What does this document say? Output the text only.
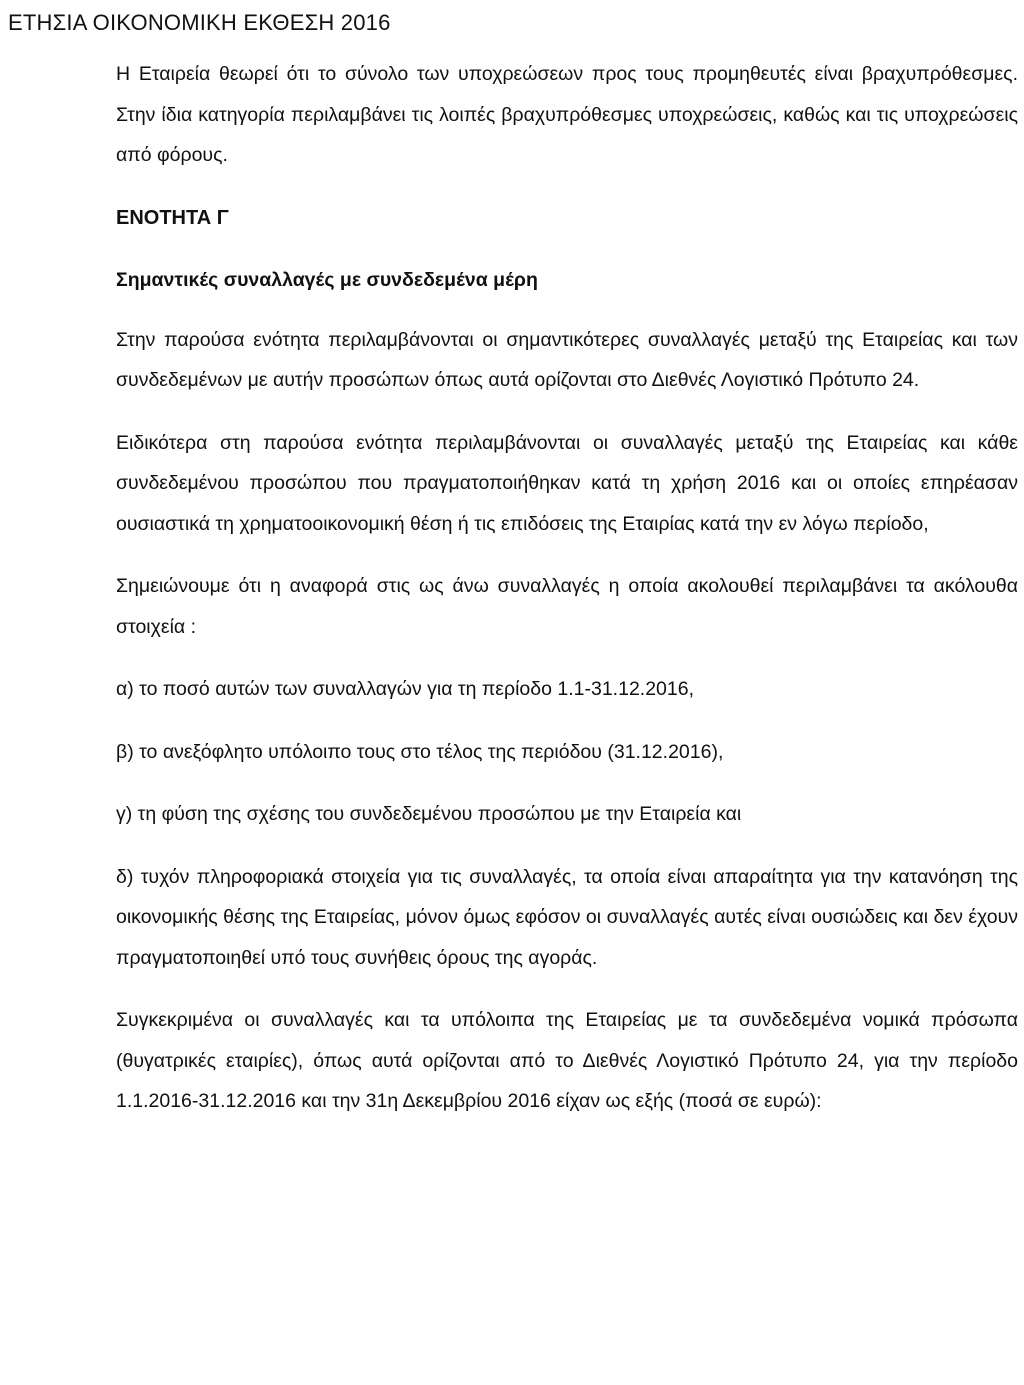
ΕΤΗΣΙΑ ΟΙΚΟΝΟΜΙΚΗ ΕΚΘΕΣΗ 2016

Η Εταιρεία θεωρεί ότι το σύνολο των υποχρεώσεων προς τους προμηθευτές είναι βραχυπρόθεσμες. Στην ίδια κατηγορία περιλαμβάνει τις λοιπές βραχυπρόθεσμες υποχρεώσεις, καθώς και τις υποχρεώσεις από φόρους.

ΕΝΟΤΗΤΑ Γ

Σημαντικές συναλλαγές με συνδεδεμένα μέρη

Στην παρούσα ενότητα περιλαμβάνονται οι σημαντικότερες συναλλαγές μεταξύ της Εταιρείας και των συνδεδεμένων με αυτήν προσώπων όπως αυτά ορίζονται στο Διεθνές Λογιστικό Πρότυπο 24.

Ειδικότερα στη παρούσα ενότητα περιλαμβάνονται οι συναλλαγές μεταξύ της Εταιρείας και κάθε συνδεδεμένου προσώπου που πραγματοποιήθηκαν κατά τη χρήση 2016 και οι οποίες επηρέασαν ουσιαστικά τη χρηματοοικονομική θέση ή τις επιδόσεις της Εταιρίας κατά την εν λόγω περίοδο,

Σημειώνουμε ότι η αναφορά στις ως άνω συναλλαγές η οποία ακολουθεί περιλαμβάνει τα ακόλουθα στοιχεία :

α) το ποσό αυτών των συναλλαγών για τη περίοδο 1.1-31.12.2016,

β) το ανεξόφλητο υπόλοιπο τους στο τέλος της περιόδου (31.12.2016),

γ) τη φύση της σχέσης του συνδεδεμένου προσώπου με την Εταιρεία και

δ) τυχόν πληροφοριακά στοιχεία για τις συναλλαγές, τα οποία είναι απαραίτητα για την κατανόηση της οικονομικής θέσης της Εταιρείας, μόνον όμως εφόσον οι συναλλαγές αυτές είναι ουσιώδεις και δεν έχουν πραγματοποιηθεί υπό τους συνήθεις όρους της αγοράς.

Συγκεκριμένα οι συναλλαγές και τα υπόλοιπα της Εταιρείας με τα συνδεδεμένα νομικά πρόσωπα (θυγατρικές εταιρίες), όπως αυτά ορίζονται από το Διεθνές Λογιστικό Πρότυπο 24, για την περίοδο 1.1.2016-31.12.2016 και την 31η Δεκεμβρίου 2016 είχαν ως εξής (ποσά σε ευρώ):
